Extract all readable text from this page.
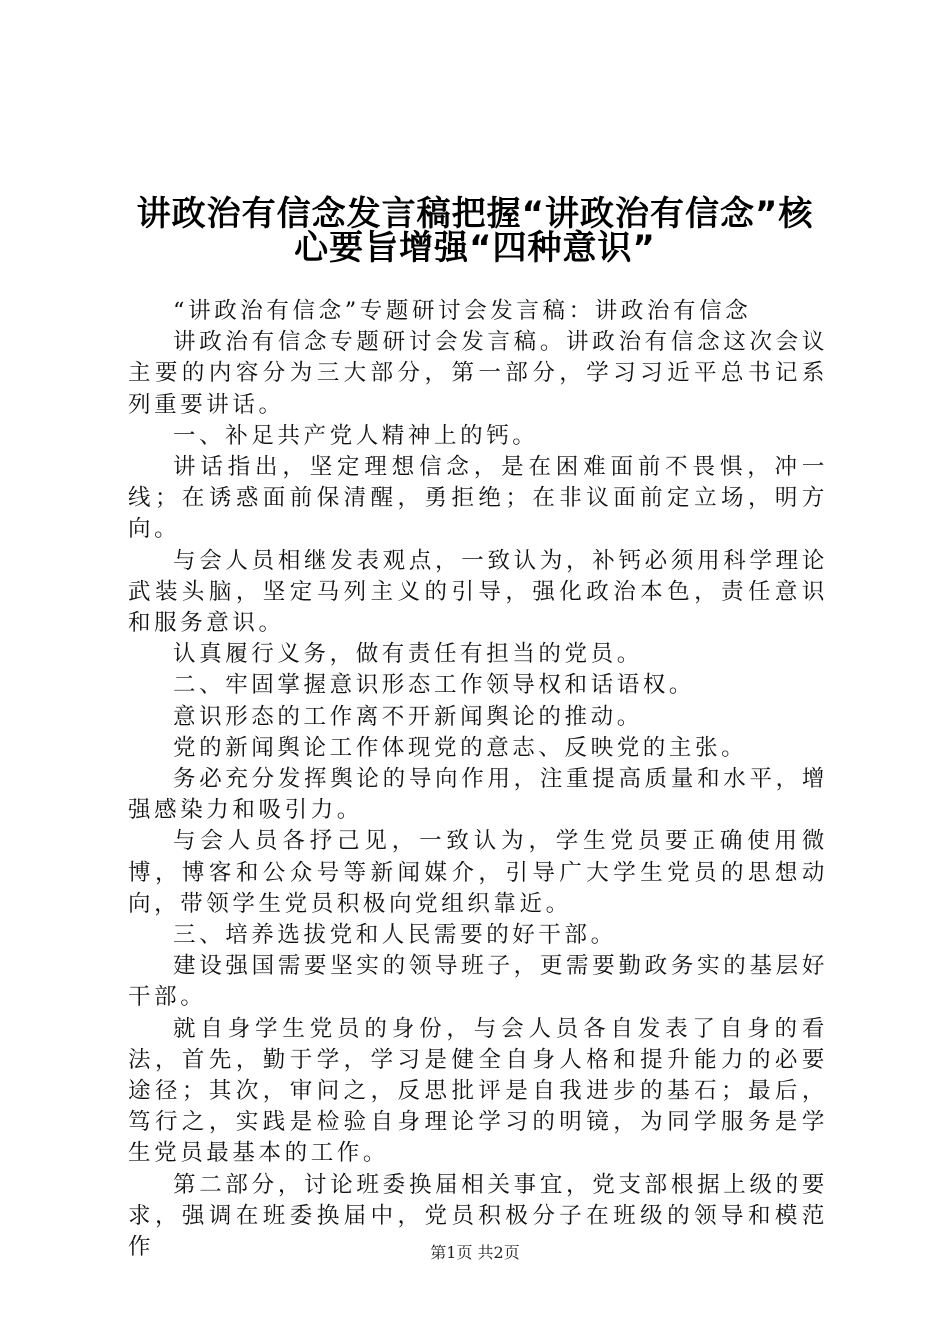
讲政治有信念发言稿把握“讲政治有信念”核
心要旨增强“四种意识”

“讲政治有信念”专题研讨会发言稿：讲政治有信念

讲政治有信念专题研讨会发言稿。讲政治有信念这次会议主要的内容分为三大部分，第一部分，学习习近平总书记系列重要讲话。

一、补足共产党人精神上的钙。

讲话指出，坚定理想信念，是在困难面前不畏惧，冲一线；在诱惑面前保清醒，勇拒绝；在非议面前定立场，明方向。

与会人员相继发表观点，一致认为，补钙必须用科学理论武装头脑，坚定马列主义的引导，强化政治本色，责任意识和服务意识。

认真履行义务，做有责任有担当的党员。

二、牢固掌握意识形态工作领导权和话语权。

意识形态的工作离不开新闻舆论的推动。

党的新闻舆论工作体现党的意志、反映党的主张。

务必充分发挥舆论的导向作用，注重提高质量和水平，增强感染力和吸引力。

与会人员各抒己见，一致认为，学生党员要正确使用微博，博客和公众号等新闻媒介，引导广大学生党员的思想动向，带领学生党员积极向党组织靠近。

三、培养选拔党和人民需要的好干部。

建设强国需要坚实的领导班子，更需要勤政务实的基层好干部。

就自身学生党员的身份，与会人员各自发表了自身的看法，首先，勤于学，学习是健全自身人格和提升能力的必要途径；其次，审问之，反思批评是自我进步的基石；最后，笃行之，实践是检验自身理论学习的明镜，为同学服务是学生党员最基本的工作。

第二部分，讨论班委换届相关事宜，党支部根据上级的要求，强调在班委换届中，党员积极分子在班级的领导和模范作	第1页 共2页
